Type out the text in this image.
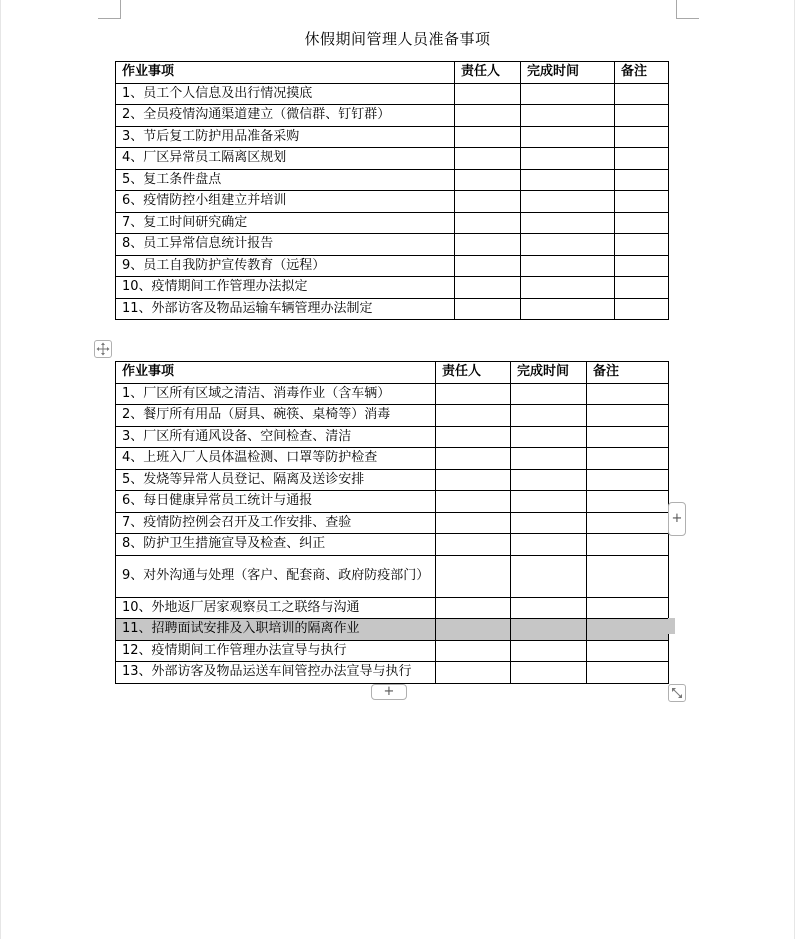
休假期间管理人员准备事项
作业事项	责任人	完成时间	备注
1、员工个人信息及出行情况摸底			
2、全员疫情沟通渠道建立（微信群、钉钉群）			
3、节后复工防护用品准备采购			
4、厂区异常员工隔离区规划			
5、复工条件盘点			
6、疫情防控小组建立并培训			
7、复工时间研究确定			
8、员工异常信息统计报告			
9、员工自我防护宣传教育（远程）			
10、疫情期间工作管理办法拟定			
11、外部访客及物品运输车辆管理办法制定			
作业事项	责任人	完成时间	备注
1、厂区所有区域之清洁、消毒作业（含车辆）			
2、餐厅所有用品（厨具、碗筷、桌椅等）消毒			
3、厂区所有通风设备、空间检查、清洁			
4、上班入厂人员体温检测、口罩等防护检查			
5、发烧等异常人员登记、隔离及送诊安排			
6、每日健康异常员工统计与通报			
7、疫情防控例会召开及工作安排、查验			
8、防护卫生措施宣导及检查、纠正			
9、对外沟通与处理（客户、配套商、政府防疫部门）			
10、外地返厂居家观察员工之联络与沟通			
11、招聘面试安排及入职培训的隔离作业			
12、疫情期间工作管理办法宣导与执行			
13、外部访客及物品运送车间管控办法宣导与执行			
+
+
